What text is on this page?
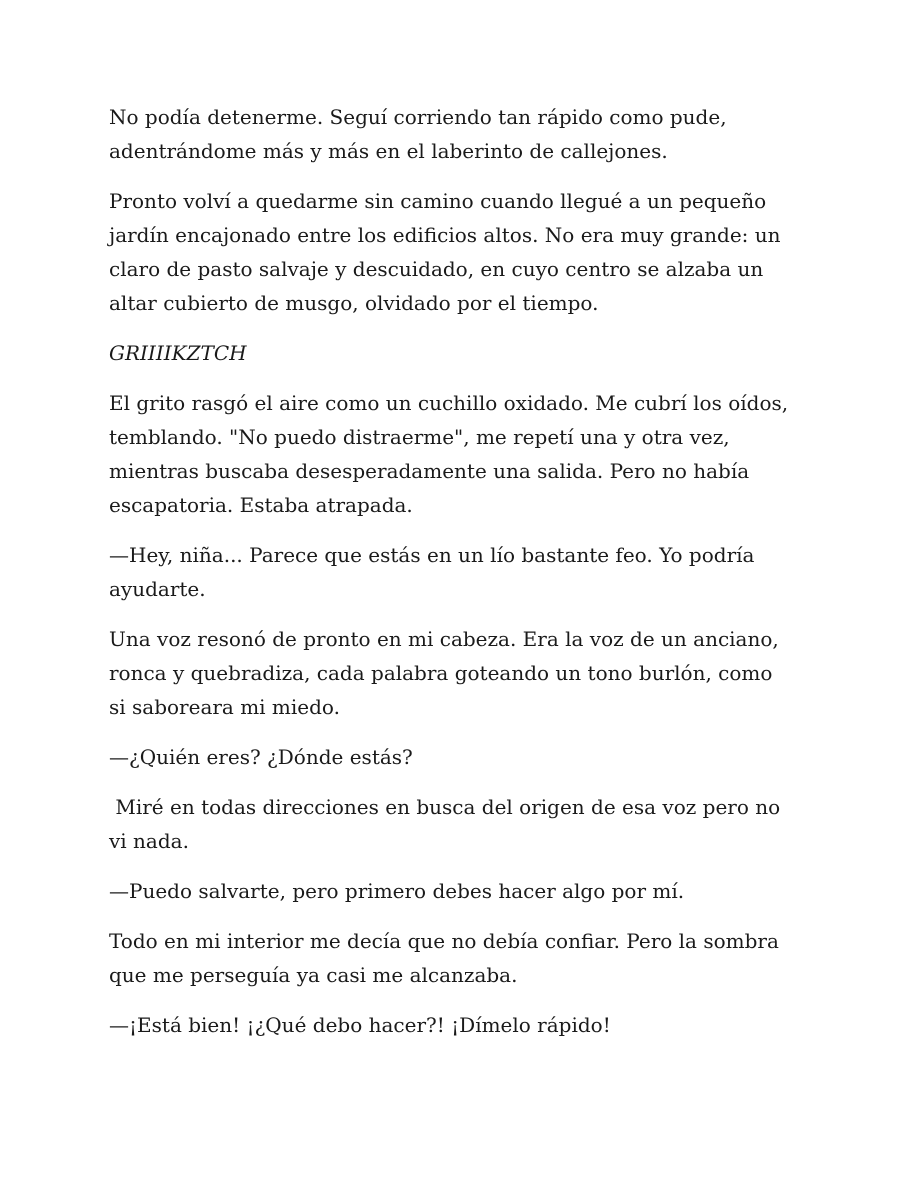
No podía detenerme. Seguí corriendo tan rápido como pude, adentrándome más y más en el laberinto de callejones.

Pronto volví a quedarme sin camino cuando llegué a un pequeño jardín encajonado entre los edificios altos. No era muy grande: un claro de pasto salvaje y descuidado, en cuyo centro se alzaba un altar cubierto de musgo, olvidado por el tiempo.

GRIIIIKZTCH

El grito rasgó el aire como un cuchillo oxidado. Me cubrí los oídos, temblando. "No puedo distraerme", me repetí una y otra vez, mientras buscaba desesperadamente una salida. Pero no había escapatoria. Estaba atrapada.

—Hey, niña... Parece que estás en un lío bastante feo. Yo podría ayudarte.

Una voz resonó de pronto en mi cabeza. Era la voz de un anciano, ronca y quebradiza, cada palabra goteando un tono burlón, como si saboreara mi miedo.

—¿Quién eres? ¿Dónde estás?

Miré en todas direcciones en busca del origen de esa voz pero no vi nada.

—Puedo salvarte, pero primero debes hacer algo por mí.

Todo en mi interior me decía que no debía confiar. Pero la sombra que me perseguía ya casi me alcanzaba.

—¡Está bien! ¡¿Qué debo hacer?! ¡Dímelo rápido!
